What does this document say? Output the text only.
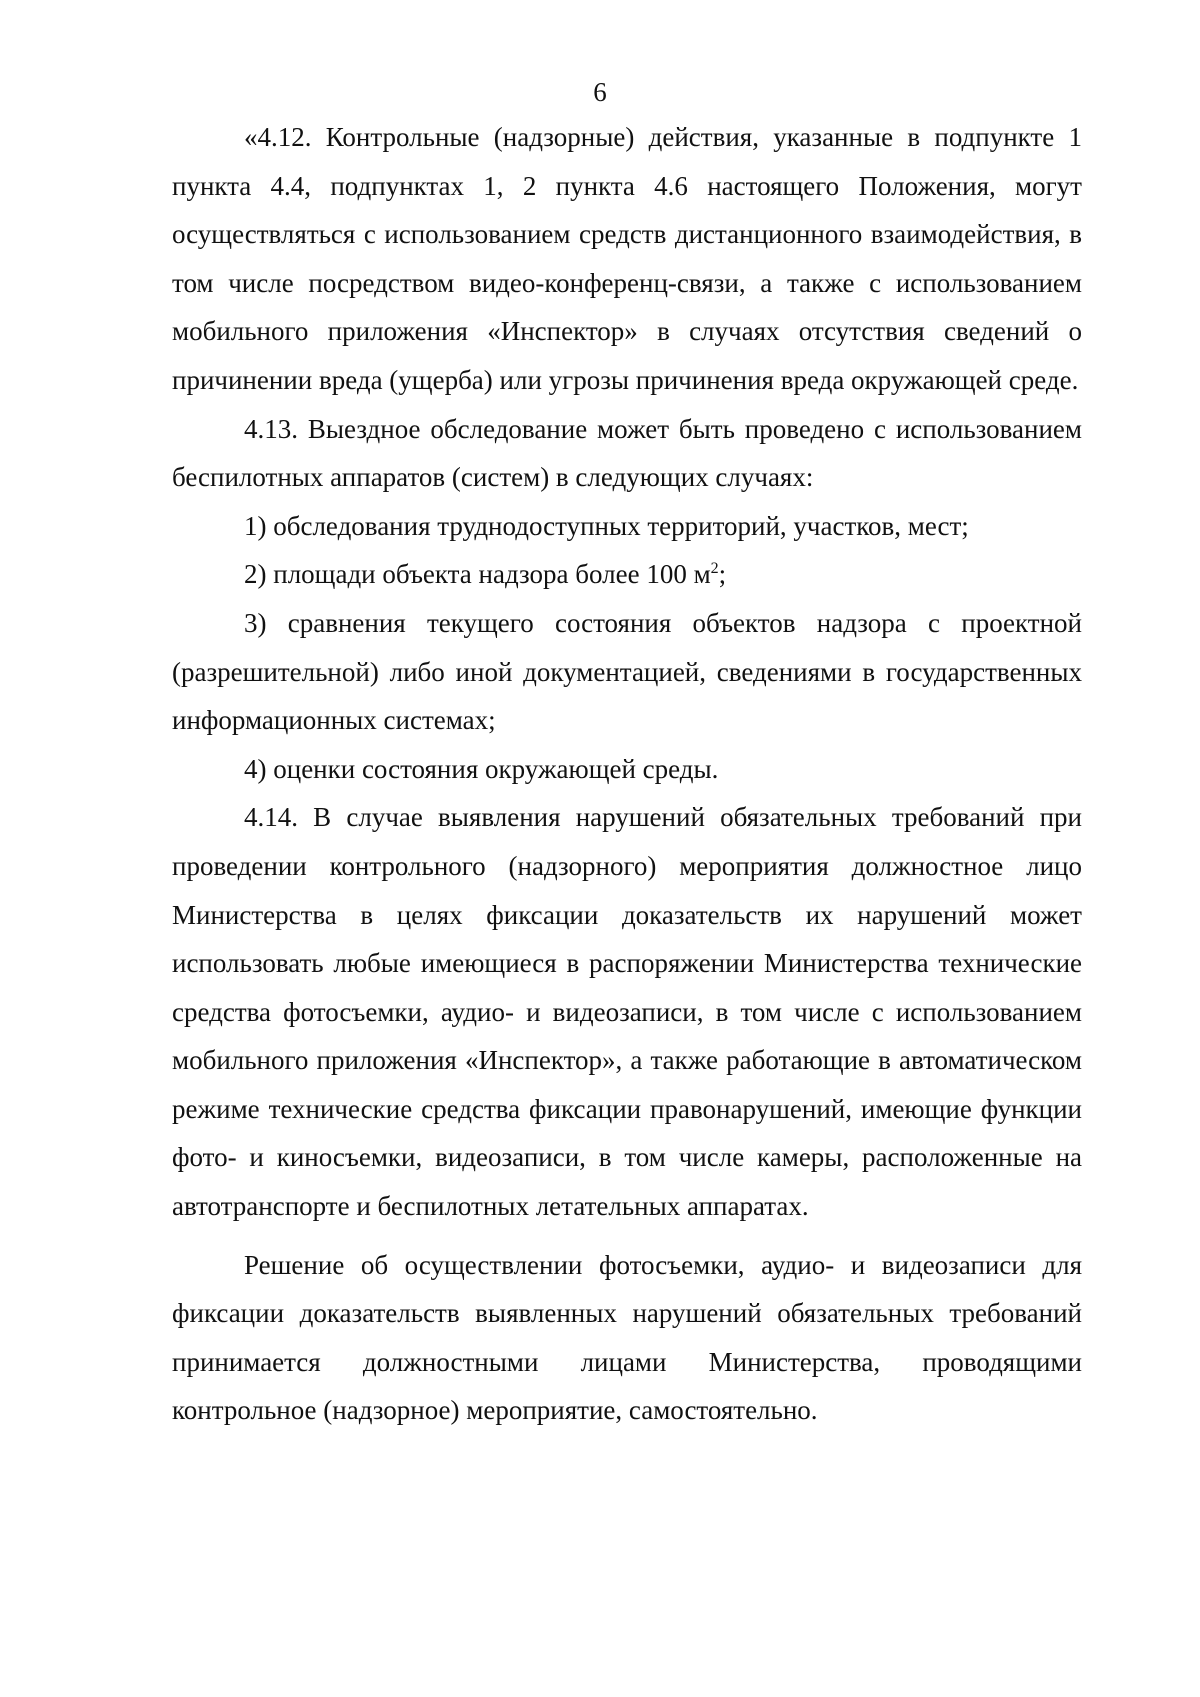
6

«4.12. Контрольные (надзорные) действия, указанные в подпункте 1 пункта 4.4, подпунктах 1, 2 пункта 4.6 настоящего Положения, могут осуществляться с использованием средств дистанционного взаимодействия, в том числе посредством видео-конференц-связи, а также с использованием мобильного приложения «Инспектор» в случаях отсутствия сведений о причинении вреда (ущерба) или угрозы причинения вреда окружающей среде.

4.13. Выездное обследование может быть проведено с использованием беспилотных аппаратов (систем) в следующих случаях:

1) обследования труднодоступных территорий, участков, мест;
2) площади объекта надзора более 100 $м^2$;
3) сравнения текущего состояния объектов надзора с проектной (разрешительной) либо иной документацией, сведениями в государственных информационных системах;
4) оценки состояния окружающей среды.

4.14. В случае выявления нарушений обязательных требований при проведении контрольного (надзорного) мероприятия должностное лицо Министерства в целях фиксации доказательств их нарушений может использовать любые имеющиеся в распоряжении Министерства технические средства фотосъемки, аудио- и видеозаписи, в том числе с использованием мобильного приложения «Инспектор», а также работающие в автоматическом режиме технические средства фиксации правонарушений, имеющие функции фото- и киносъемки, видеозаписи, в том числе камеры, расположенные на автотранспорте и беспилотных летательных аппаратах.

Решение об осуществлении фотосъемки, аудио- и видеозаписи для фиксации доказательств выявленных нарушений обязательных требований принимается должностными лицами Министерства, проводящими контрольное (надзорное) мероприятие, самостоятельно.
